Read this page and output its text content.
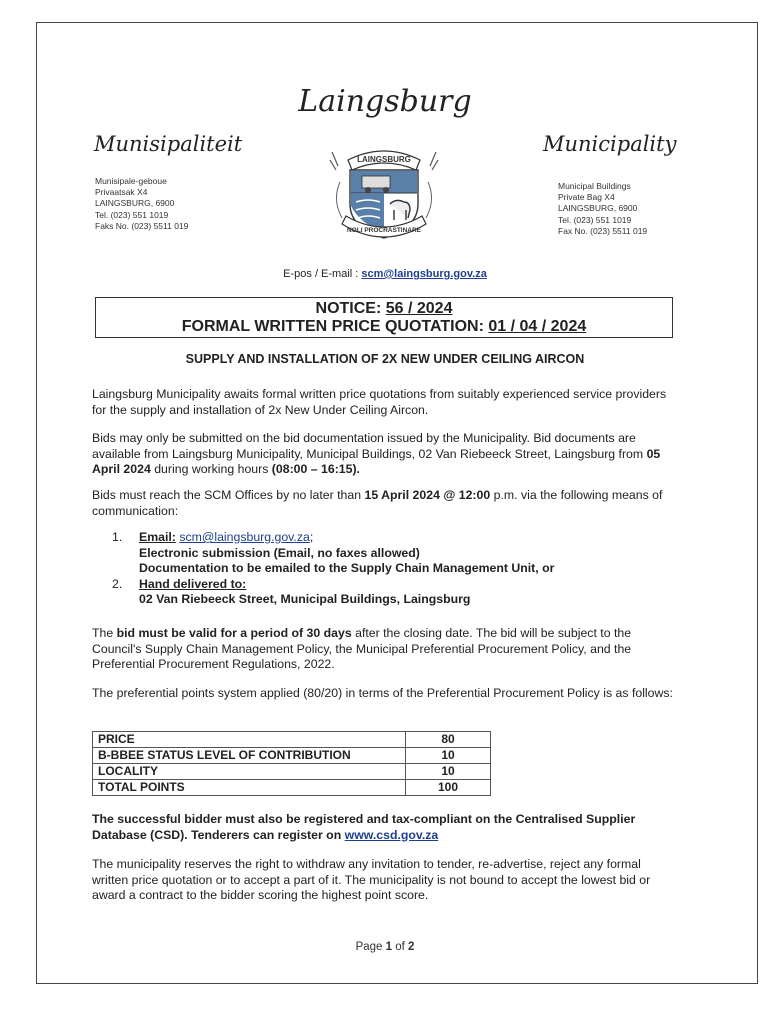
Laingsburg
Munisipaliteit	Municipality
Munisipale-geboue
Privaatsak X4
LAINGSBURG, 6900
Tel. (023) 551 1019
Faks No. (023) 5511 019
Municipal Buildings
Private Bag X4
LAINGSBURG, 6900
Tel. (023) 551 1019
Fax No. (023) 5511 019
LAINGSBURG
NOLI PROCRASTINARE
E-pos / E-mail : scm@laingsburg.gov.za
NOTICE: 56 / 2024
FORMAL WRITTEN PRICE QUOTATION: 01 / 04 / 2024
SUPPLY AND INSTALLATION OF 2X NEW UNDER CEILING AIRCON
Laingsburg Municipality awaits formal written price quotations from suitably experienced service providers for the supply and installation of 2x New Under Ceiling Aircon.
Bids may only be submitted on the bid documentation issued by the Municipality. Bid documents are available from Laingsburg Municipality, Municipal Buildings, 02 Van Riebeeck Street, Laingsburg from 05 April 2024 during working hours (08:00 – 16:15).
Bids must reach the SCM Offices by no later than 15 April 2024 @ 12:00 p.m. via the following means of communication:
1.	Email: scm@laingsburg.gov.za;
Electronic submission (Email, no faxes allowed)
Documentation to be emailed to the Supply Chain Management Unit, or
2.	Hand delivered to:
02 Van Riebeeck Street, Municipal Buildings, Laingsburg
The bid must be valid for a period of 30 days after the closing date. The bid will be subject to the Council's Supply Chain Management Policy, the Municipal Preferential Procurement Policy, and the Preferential Procurement Regulations, 2022.
The preferential points system applied (80/20) in terms of the Preferential Procurement Policy is as follows:
PRICE	80
B-BBEE STATUS LEVEL OF CONTRIBUTION	10
LOCALITY	10
TOTAL POINTS	100
The successful bidder must also be registered and tax-compliant on the Centralised Supplier Database (CSD). Tenderers can register on www.csd.gov.za
The municipality reserves the right to withdraw any invitation to tender, re-advertise, reject any formal written price quotation or to accept a part of it. The municipality is not bound to accept the lowest bid or award a contract to the bidder scoring the highest point score.
Page 1 of 2
